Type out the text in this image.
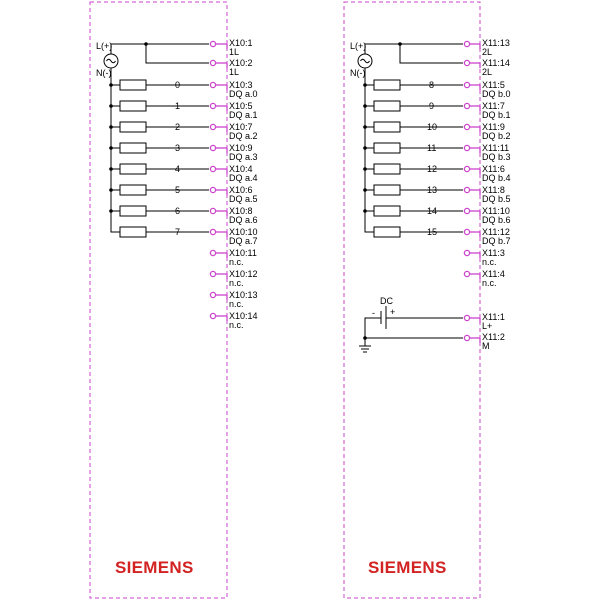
L(+)
N(-)
0
1
2
3
4
5
6
7
X10:1
1L
X10:2
1L
X10:3
DQ a.0
X10:5
DQ a.1
X10:7
DQ a.2
X10:9
DQ a.3
X10:4
DQ a.4
X10:6
DQ a.5
X10:8
DQ a.6
X10:10
DQ a.7
X10:11
n.c.
X10:12
n.c.
X10:13
n.c.
X10:14
n.c.
SIEMENS
L(+)
N(-)
8
9
10
11
12
13
14
15
DC
- +
X11:13
2L
X11:14
2L
X11:5
DQ b.0
X11:7
DQ b.1
X11:9
DQ b.2
X11:11
DQ b.3
X11:6
DQ b.4
X11:8
DQ b.5
X11:10
DQ b.6
X11:12
DQ b.7
X11:3
n.c.
X11:4
n.c.
X11:1
L+
X11:2
M
SIEMENS
